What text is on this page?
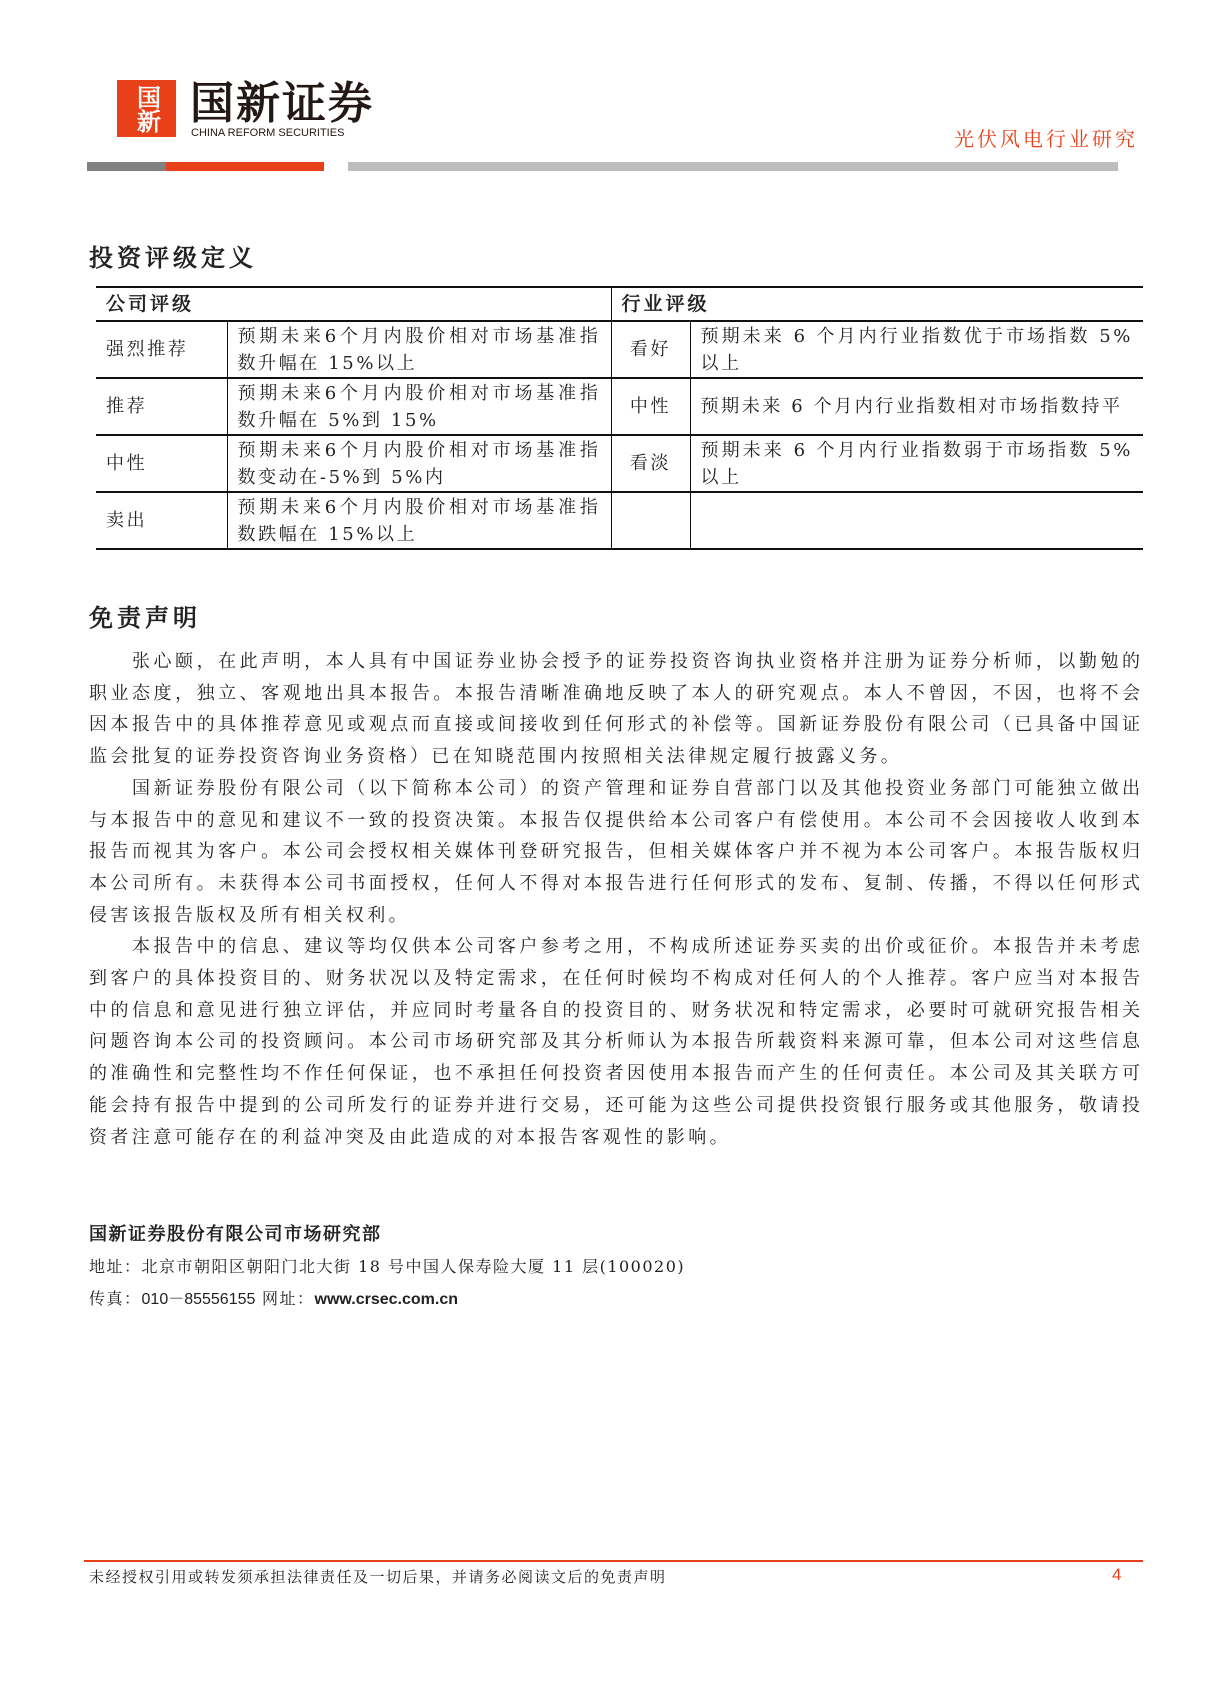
国新 国新证券
CHINA REFORM SECURITIES	光伏风电行业研究
投资评级定义
公司评级		行业评级	
强烈推荐	预期未来6个月内股价相对市场基准指数升幅在 15%以上	看好	预期未来 6 个月内行业指数优于市场指数 5%以上
推荐	预期未来6个月内股价相对市场基准指数升幅在 5%到 15%	中性	预期未来 6 个月内行业指数相对市场指数持平
中性	预期未来6个月内股价相对市场基准指数变动在-5%到 5%内	看淡	预期未来 6 个月内行业指数弱于市场指数 5%以上
卖出	预期未来6个月内股价相对市场基准指数跌幅在 15%以上		
免责声明
张心颐，在此声明，本人具有中国证券业协会授予的证券投资咨询执业资格并注册为证券分析师，以勤勉的
职业态度，独立、客观地出具本报告。本报告清晰准确地反映了本人的研究观点。本人不曾因，不因，也将不会
因本报告中的具体推荐意见或观点而直接或间接收到任何形式的补偿等。国新证券股份有限公司（已具备中国证
监会批复的证券投资咨询业务资格）已在知晓范围内按照相关法律规定履行披露义务。
国新证券股份有限公司（以下简称本公司）的资产管理和证券自营部门以及其他投资业务部门可能独立做出
与本报告中的意见和建议不一致的投资决策。本报告仅提供给本公司客户有偿使用。本公司不会因接收人收到本
报告而视其为客户。本公司会授权相关媒体刊登研究报告，但相关媒体客户并不视为本公司客户。本报告版权归
本公司所有。未获得本公司书面授权，任何人不得对本报告进行任何形式的发布、复制、传播，不得以任何形式
侵害该报告版权及所有相关权利。
本报告中的信息、建议等均仅供本公司客户参考之用，不构成所述证券买卖的出价或征价。本报告并未考虑
到客户的具体投资目的、财务状况以及特定需求，在任何时候均不构成对任何人的个人推荐。客户应当对本报告
中的信息和意见进行独立评估，并应同时考量各自的投资目的、财务状况和特定需求，必要时可就研究报告相关
问题咨询本公司的投资顾问。本公司市场研究部及其分析师认为本报告所载资料来源可靠，但本公司对这些信息
的准确性和完整性均不作任何保证，也不承担任何投资者因使用本报告而产生的任何责任。本公司及其关联方可
能会持有报告中提到的公司所发行的证券并进行交易，还可能为这些公司提供投资银行服务或其他服务，敬请投
资者注意可能存在的利益冲突及由此造成的对本报告客观性的影响。
国新证券股份有限公司市场研究部
地址：北京市朝阳区朝阳门北大街 18 号中国人保寿险大厦 11 层(100020)
传真：010－85556155 网址：www.crsec.com.cn
未经授权引用或转发须承担法律责任及一切后果，并请务必阅读文后的免责声明	4
